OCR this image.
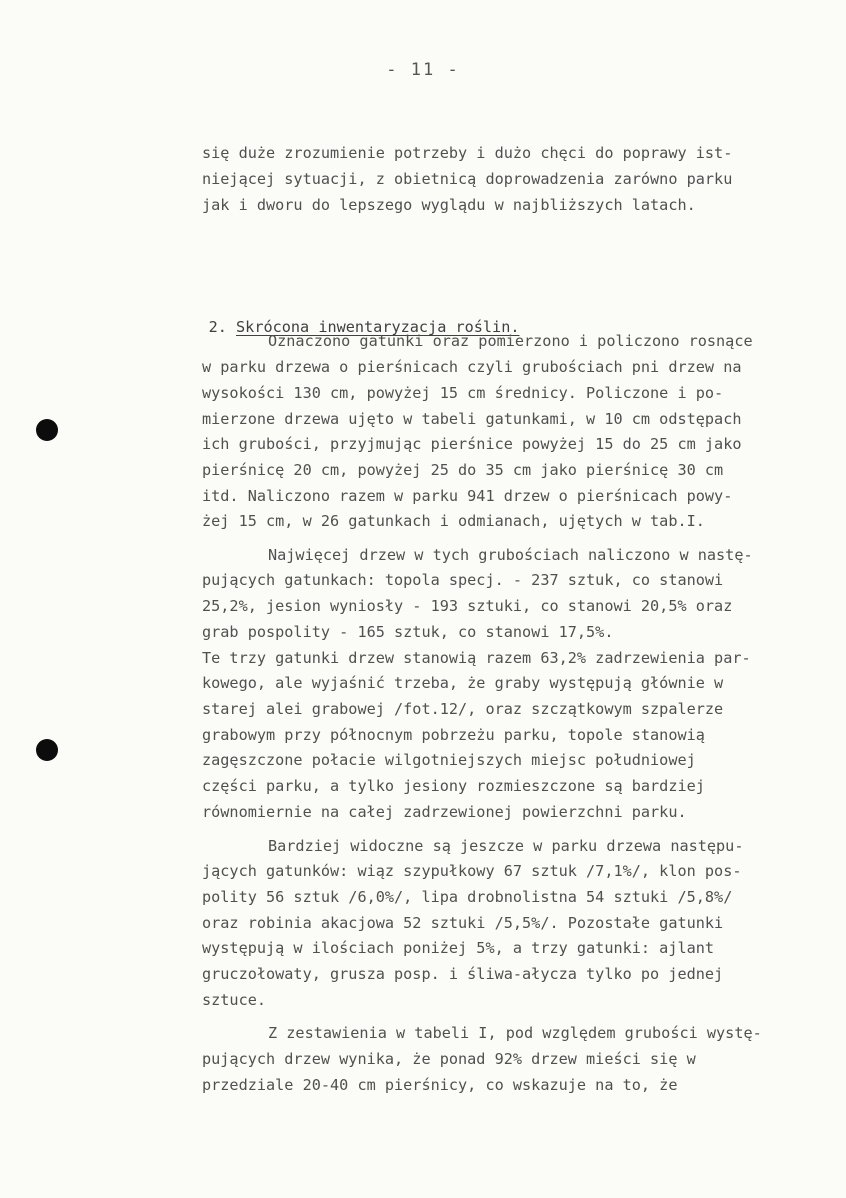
- 11 -
się duże zrozumienie potrzeby i dużo chęci do poprawy ist-
niejącej sytuacji, z obietnicą doprowadzenia zarówno parku
jak i dworu do lepszego wyglądu w najbliższych latach.

2. Skrócona inwentaryzacja roślin.

Oznaczono gatunki oraz pomierzono i policzono rosnące
w parku drzewa o pierśnicach czyli grubościach pni drzew na
wysokości 130 cm, powyżej 15 cm średnicy. Policzone i po-
mierzone drzewa ujęto w tabeli gatunkami, w 10 cm odstępach
ich grubości, przyjmując pierśnice powyżej 15 do 25 cm jako
pierśnicę 20 cm, powyżej 25 do 35 cm jako pierśnicę 30 cm
itd. Naliczono razem w parku 941 drzew o pierśnicach powy-
żej 15 cm, w 26 gatunkach i odmianach, ujętych w tab.I.
Najwięcej drzew w tych grubościach naliczono w nastę-
pujących gatunkach: topola specj. - 237 sztuk, co stanowi
25,2%, jesion wyniosły - 193 sztuki, co stanowi 20,5% oraz
grab pospolity - 165 sztuk, co stanowi 17,5%.
Te trzy gatunki drzew stanowią razem 63,2% zadrzewienia par-
kowego, ale wyjaśnić trzeba, że graby występują głównie w
starej alei grabowej /fot.12/, oraz szczątkowym szpalerze
grabowym przy północnym pobrzeżu parku, topole stanowią
zagęszczone połacie wilgotniejszych miejsc południowej
części parku, a tylko jesiony rozmieszczone są bardziej
równomiernie na całej zadrzewionej powierzchni parku.
Bardziej widoczne są jeszcze w parku drzewa następu-
jących gatunków: wiąz szypułkowy 67 sztuk /7,1%/, klon pos-
polity 56 sztuk /6,0%/, lipa drobnolistna 54 sztuki /5,8%/
oraz robinia akacjowa 52 sztuki /5,5%/. Pozostałe gatunki
występują w ilościach poniżej 5%, a trzy gatunki: ajlant
gruczołowaty, grusza posp. i śliwa-ałycza tylko po jednej
sztuce.
Z zestawienia w tabeli I, pod względem grubości wystę-
pujących drzew wynika, że ponad 92% drzew mieści się w
przedziale 20-40 cm pierśnicy, co wskazuje na to, że
